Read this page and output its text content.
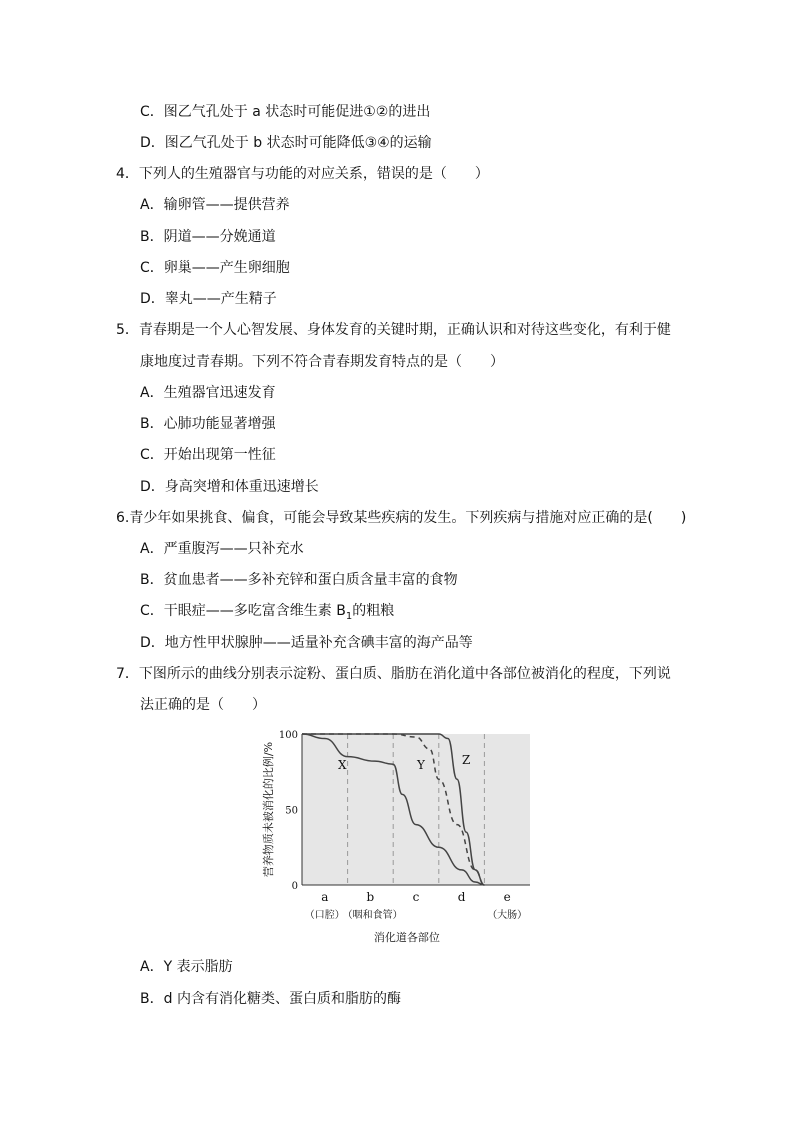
C．图乙气孔处于 a 状态时可能促进①②的进出
D．图乙气孔处于 b 状态时可能降低③④的运输
4．下列人的生殖器官与功能的对应关系，错误的是（　　）
A．输卵管——提供营养
B．阴道——分娩通道
C．卵巢——产生卵细胞
D．睾丸——产生精子
5．青春期是一个人心智发展、身体发育的关键时期，正确认识和对待这些变化，有利于健
康地度过青春期。下列不符合青春期发育特点的是（　　）
A．生殖器官迅速发育
B．心肺功能显著增强
C．开始出现第一性征
D．身高突增和体重迅速增长
6.青少年如果挑食、偏食，可能会导致某些疾病的发生。下列疾病与措施对应正确的是(　　)
A．严重腹泻——只补充水
B．贫血患者——多补充锌和蛋白质含量丰富的食物
C．干眼症——多吃富含维生素 $B_1$的粗粮
D．地方性甲状腺肿——适量补充含碘丰富的海产品等
7．下图所示的曲线分别表示淀粉、蛋白质、脂肪在消化道中各部位被消化的程度，下列说
法正确的是（　　）
X	Y	Z
100
50
0
a	b	c	d	e
（口腔）
（咽和食管）	（大肠）
消化道各部位
营养物质未被消化的比例/%
A．Y 表示脂肪
B．d 内含有消化糖类、蛋白质和脂肪的酶
